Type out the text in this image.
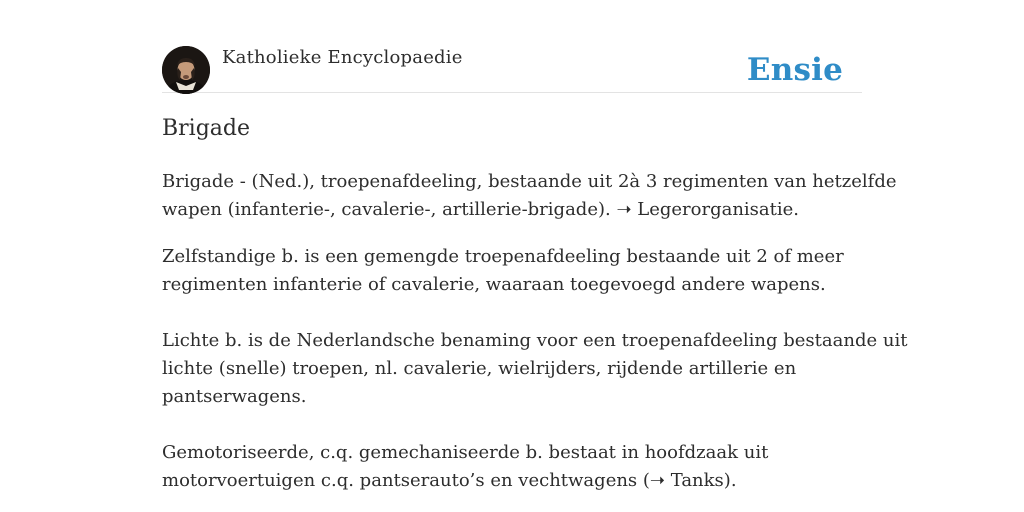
Katholieke Encyclopaedie	Ensie
Brigade

Brigade - (Ned.), troepenafdeeling, bestaande uit 2à 3 regimenten van hetzelfde
wapen (infanterie-, cavalerie-, artillerie-brigade). ➝ Legerorganisatie.

Zelfstandige b. is een gemengde troepenafdeeling bestaande uit 2 of meer
regimenten infanterie of cavalerie, waaraan toegevoegd andere wapens.

Lichte b. is de Nederlandsche benaming voor een troepenafdeeling bestaande uit
lichte (snelle) troepen, nl. cavalerie, wielrijders, rijdende artillerie en
pantserwagens.

Gemotoriseerde, c.q. gemechaniseerde b. bestaat in hoofdzaak uit
motorvoertuigen c.q. pantserauto’s en vechtwagens (➝ Tanks).
